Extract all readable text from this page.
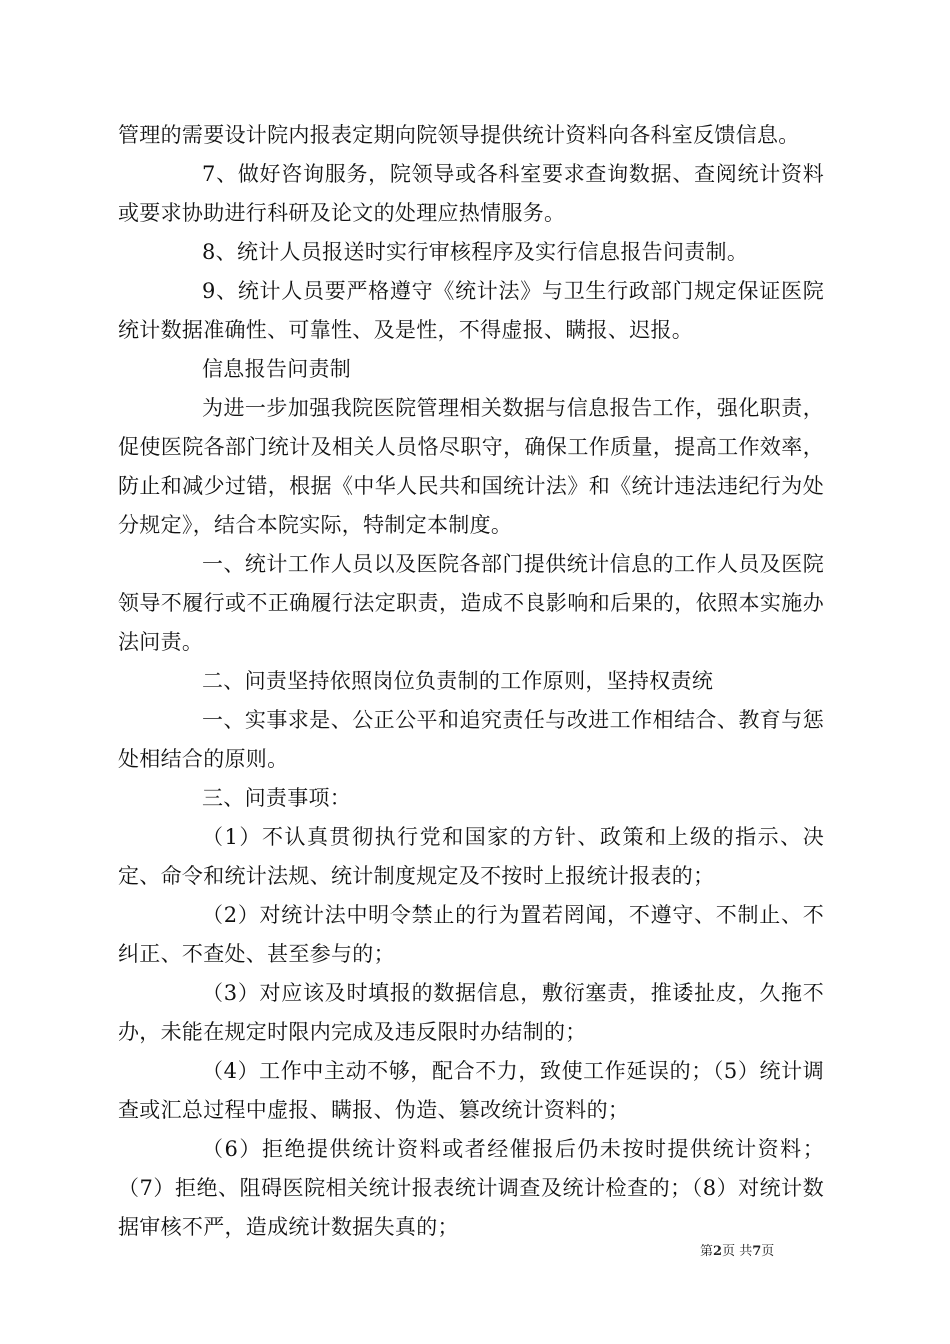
管理的需要设计院内报表定期向院领导提供统计资料向各科室反馈信息。

7、做好咨询服务，院领导或各科室要求查询数据、查阅统计资料或要求协助进行科研及论文的处理应热情服务。

8、统计人员报送时实行审核程序及实行信息报告问责制。

9、统计人员要严格遵守《统计法》与卫生行政部门规定保证医院统计数据准确性、可靠性、及是性，不得虚报、瞒报、迟报。

信息报告问责制

为进一步加强我院医院管理相关数据与信息报告工作，强化职责，促使医院各部门统计及相关人员恪尽职守，确保工作质量，提高工作效率，防止和减少过错，根据《中华人民共和国统计法》和《统计违法违纪行为处分规定》，结合本院实际，特制定本制度。

一、统计工作人员以及医院各部门提供统计信息的工作人员及医院领导不履行或不正确履行法定职责，造成不良影响和后果的，依照本实施办法问责。

二、问责坚持依照岗位负责制的工作原则，坚持权责统

一、实事求是、公正公平和追究责任与改进工作相结合、教育与惩处相结合的原则。

三、问责事项：

（1）不认真贯彻执行党和国家的方针、政策和上级的指示、决定、命令和统计法规、统计制度规定及不按时上报统计报表的；

（2）对统计法中明令禁止的行为置若罔闻，不遵守、不制止、不纠正、不查处、甚至参与的；

（3）对应该及时填报的数据信息，敷衍塞责，推诿扯皮，久拖不办，未能在规定时限内完成及违反限时办结制的；

（4）工作中主动不够，配合不力，致使工作延误的；（5）统计调查或汇总过程中虚报、瞒报、伪造、篡改统计资料的；

（6）拒绝提供统计资料或者经催报后仍未按时提供统计资料；（7）拒绝、阻碍医院相关统计报表统计调查及统计检查的；（8）对统计数据审核不严，造成统计数据失真的；

第2页 共7页
